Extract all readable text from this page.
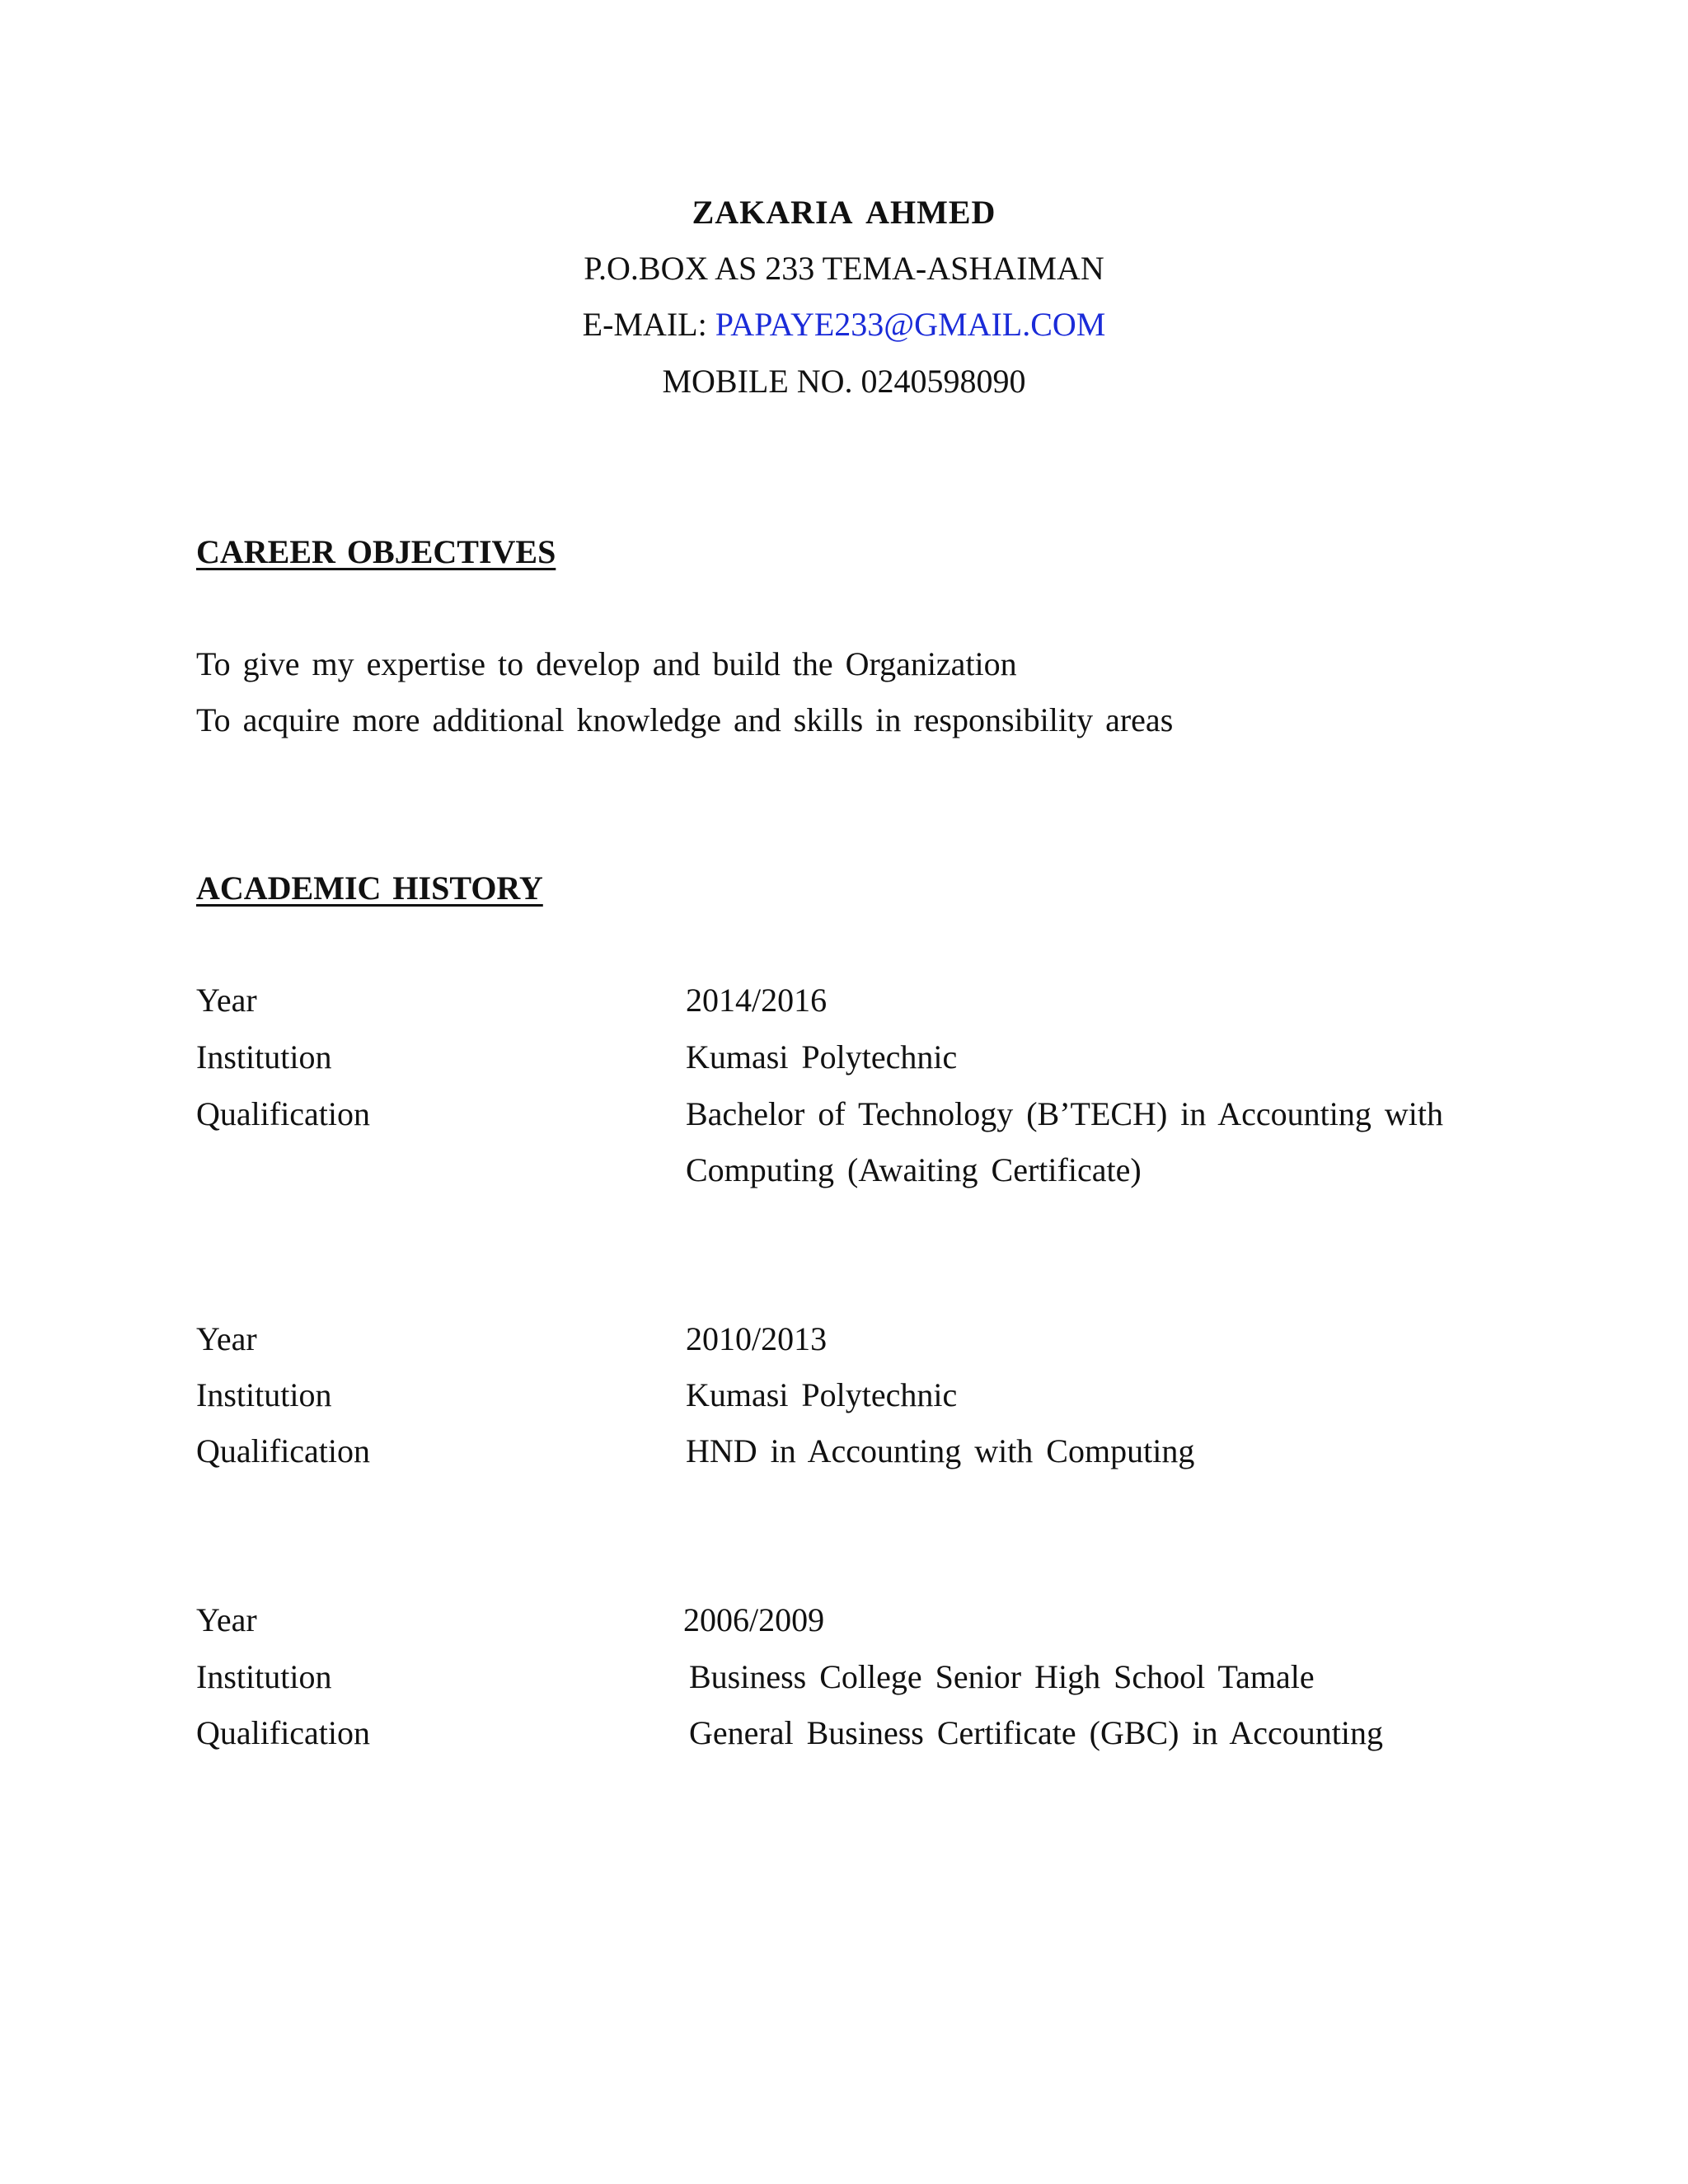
ZAKARIA AHMED
P.O.BOX AS 233 TEMA-ASHAIMAN
E-MAIL: PAPAYE233@GMAIL.COM
MOBILE NO. 0240598090
CAREER OBJECTIVES
To give my expertise to develop and build the Organization
To acquire more additional knowledge and skills in responsibility areas
ACADEMIC HISTORY
Year	2014/2016
Institution	Kumasi Polytechnic
Qualification	Bachelor of Technology (B’TECH) in Accounting with
Computing (Awaiting Certificate)
Year	2010/2013
Institution	Kumasi Polytechnic
Qualification	HND in Accounting with Computing
Year	2006/2009
Institution	Business College Senior High School Tamale
Qualification	General Business Certificate (GBC) in Accounting
